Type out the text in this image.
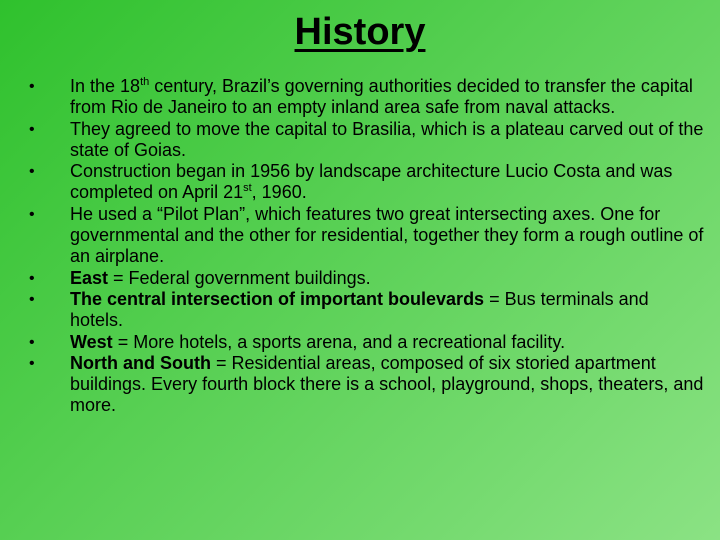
History
• In the 18th century, Brazil’s governing authorities decided to transfer the capital from Rio de Janeiro to an empty inland area safe from naval attacks.
• They agreed to move the capital to Brasilia, which is a plateau carved out of the state of Goias.
• Construction began in 1956 by landscape architecture Lucio Costa and was completed on April 21st, 1960.
• He used a “Pilot Plan”, which features two great intersecting axes. One for governmental and the other for residential, together they form a rough outline of an airplane.
• East = Federal government buildings.
• The central intersection of important boulevards = Bus terminals and hotels.
• West = More hotels, a sports arena, and a recreational facility.
• North and South = Residential areas, composed of six storied apartment buildings. Every fourth block there is a school, playground, shops, theaters, and more.
